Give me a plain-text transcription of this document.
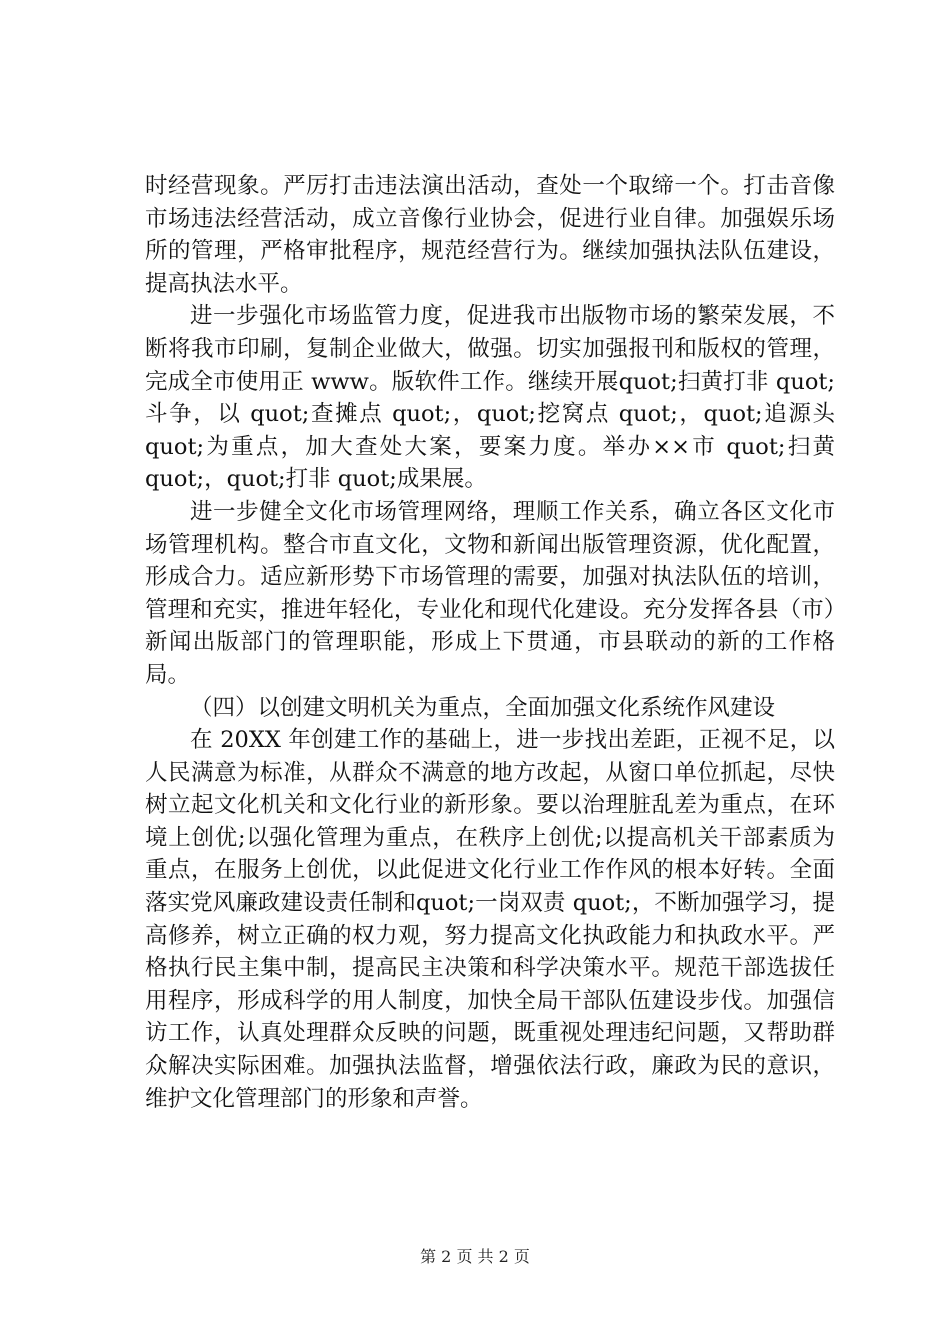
时经营现象。严厉打击违法演出活动，查处一个取缔一个。打击音像市场违法经营活动，成立音像行业协会，促进行业自律。加强娱乐场所的管理，严格审批程序，规范经营行为。继续加强执法队伍建设，提高执法水平。

进一步强化市场监管力度，促进我市出版物市场的繁荣发展，不断将我市印刷，复制企业做大，做强。切实加强报刊和版权的管理，完成全市使用正 www。版软件工作。继续开展quot;扫黄打非 quot;斗争，以 quot;查摊点 quot;，quot;挖窝点 quot;，quot;追源头 quot;为重点，加大查处大案，要案力度。举办××市 quot;扫黄 quot;，quot;打非 quot;成果展。

进一步健全文化市场管理网络，理顺工作关系，确立各区文化市场管理机构。整合市直文化，文物和新闻出版管理资源，优化配置，形成合力。适应新形势下市场管理的需要，加强对执法队伍的培训，管理和充实，推进年轻化，专业化和现代化建设。充分发挥各县（市）新闻出版部门的管理职能，形成上下贯通，市县联动的新的工作格局。

（四）以创建文明机关为重点，全面加强文化系统作风建设

在 20XX 年创建工作的基础上，进一步找出差距，正视不足，以人民满意为标准，从群众不满意的地方改起，从窗口单位抓起，尽快树立起文化机关和文化行业的新形象。要以治理脏乱差为重点，在环境上创优;以强化管理为重点，在秩序上创优;以提高机关干部素质为重点，在服务上创优，以此促进文化行业工作作风的根本好转。全面落实党风廉政建设责任制和quot;一岗双责 quot;，不断加强学习，提高修养，树立正确的权力观，努力提高文化执政能力和执政水平。严格执行民主集中制，提高民主决策和科学决策水平。规范干部选拔任用程序，形成科学的用人制度，加快全局干部队伍建设步伐。加强信访工作，认真处理群众反映的问题，既重视处理违纪问题，又帮助群众解决实际困难。加强执法监督，增强依法行政，廉政为民的意识，维护文化管理部门的形象和声誉。

第 2 页 共 2 页
